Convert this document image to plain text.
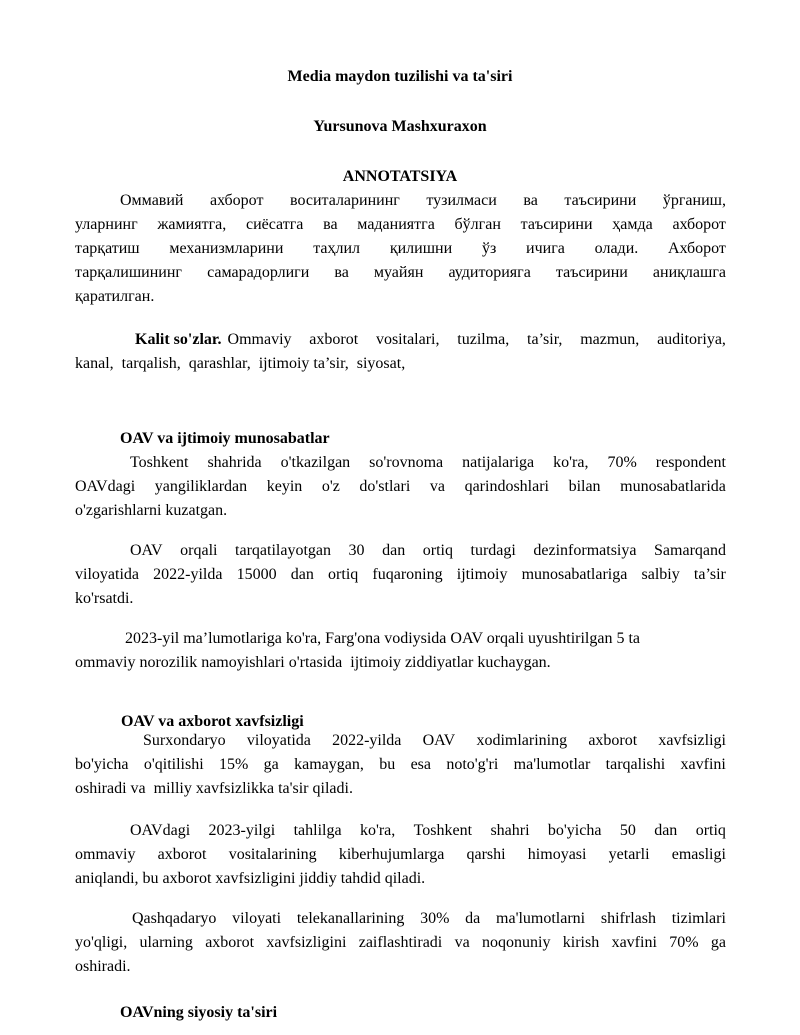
Media maydon tuzilishi va ta'siri
Yursunova Mashxuraxon
ANNOTATSIYA
Оммавий ахборот воситаларининг тузилмаси ва таъсирини ўрганиш,
уларнинг жамиятга, сиёсатга ва маданиятга бўлган таъсирини ҳамда ахборот
тарқатиш механизмларини таҳлил қилишни ўз ичига олади. Ахборот
тарқалишининг самарадорлиги ва муайян аудиторияга таъсирини аниқлашга
қаратилган.
Kalit so'zlar. Ommaviy axborot vositalari, tuzilma, ta’sir, mazmun, auditoriya,
kanal,  tarqalish,  qarashlar,  ijtimoiy ta’sir,  siyosat,
OAV va ijtimoiy munosabatlar
Toshkent shahrida o'tkazilgan so'rovnoma natijalariga ko'ra, 70% respondent
OAVdagi yangiliklardan keyin o'z do'stlari va qarindoshlari bilan munosabatlarida
o'zgarishlarni kuzatgan.
OAV orqali tarqatilayotgan 30 dan ortiq turdagi dezinformatsiya Samarqand
viloyatida 2022-yilda 15000 dan ortiq fuqaroning ijtimoiy munosabatlariga salbiy ta’sir
ko'rsatdi.
2023-yil ma’lumotlariga ko'ra, Farg'ona vodiysida OAV orqali uyushtirilgan 5 ta
ommaviy norozilik namoyishlari o'rtasida  ijtimoiy ziddiyatlar kuchaygan.
OAV va axborot xavfsizligi
Surxondaryo viloyatida 2022-yilda OAV xodimlarining axborot xavfsizligi
bo'yicha o'qitilishi 15% ga kamaygan, bu esa noto'g'ri ma'lumotlar tarqalishi xavfini
oshiradi va  milliy xavfsizlikka ta'sir qiladi.
OAVdagi 2023-yilgi tahlilga ko'ra, Toshkent shahri bo'yicha 50 dan ortiq
ommaviy axborot vositalarining kiberhujumlarga qarshi himoyasi yetarli emasligi
aniqlandi, bu axborot xavfsizligini jiddiy tahdid qiladi.
Qashqadaryo viloyati telekanallarining 30% da ma'lumotlarni shifrlash tizimlari
yo'qligi, ularning axborot xavfsizligini zaiflashtiradi va noqonuniy kirish xavfini 70% ga
oshiradi.
OAVning siyosiy ta'siri
